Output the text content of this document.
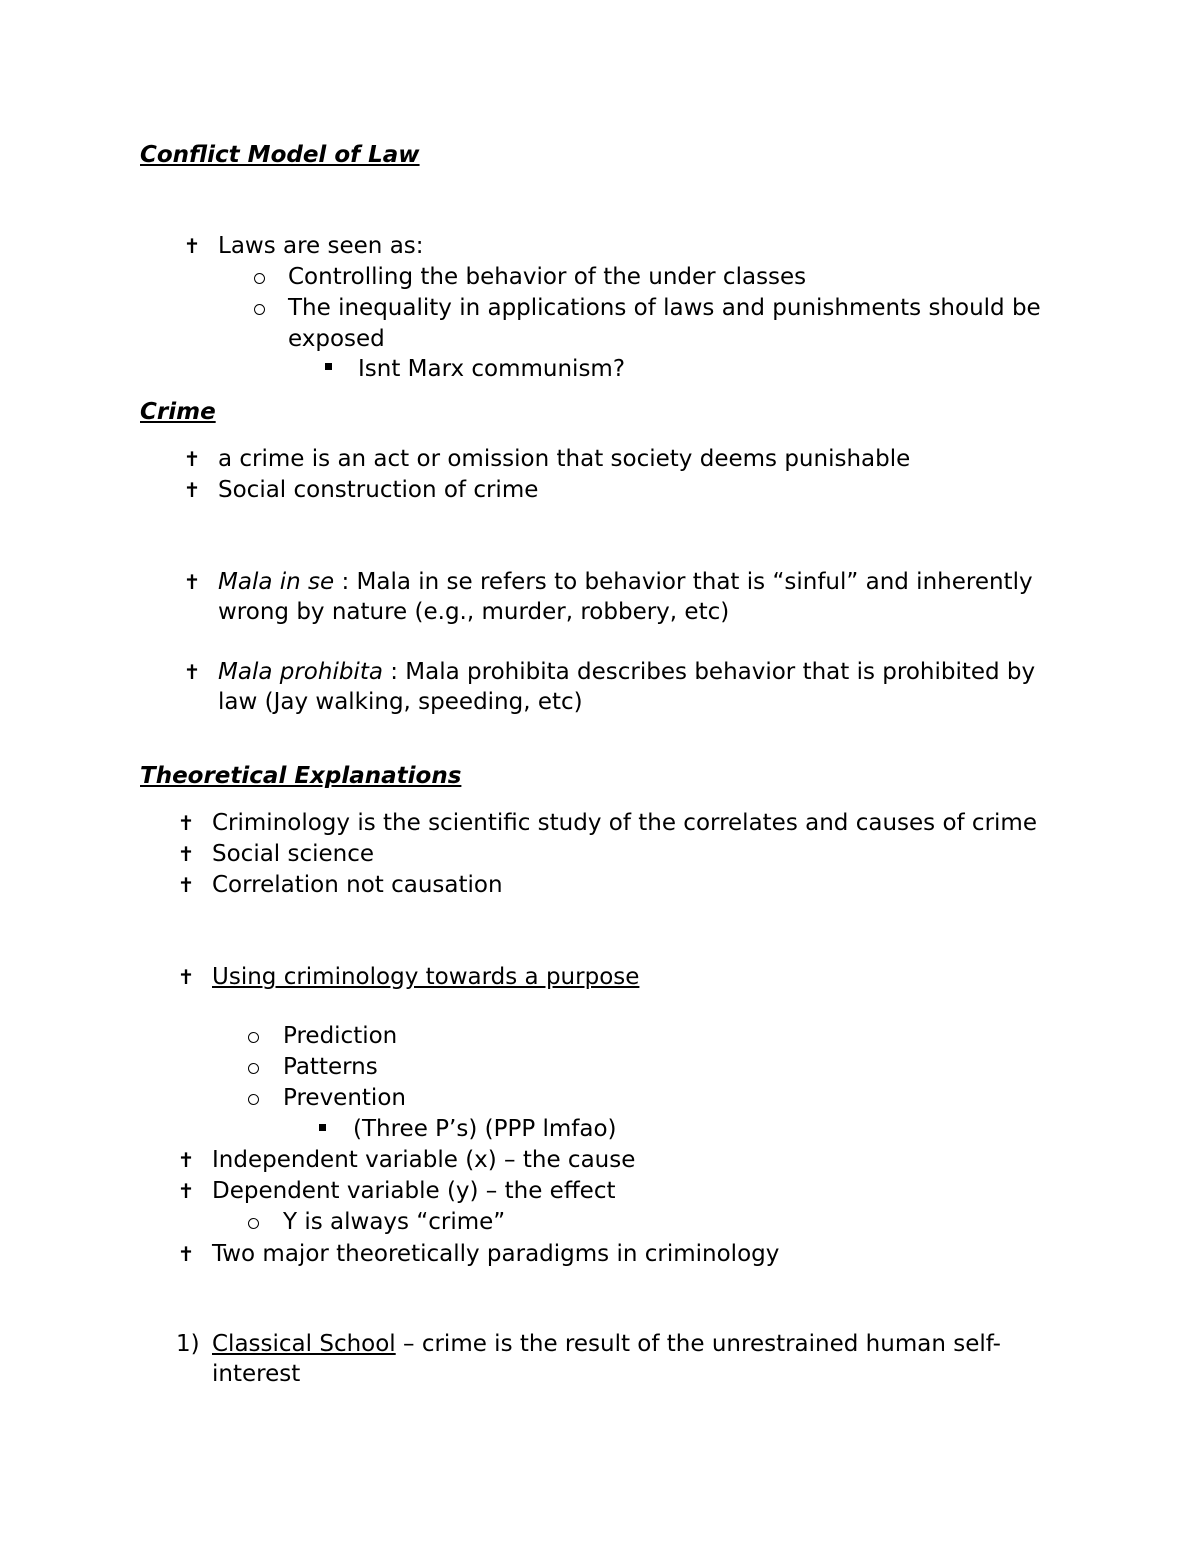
Conflict Model of Law
✝ Laws are seen as:
Controlling the behavior of the under classes
The inequality in applications of laws and punishments should be
exposed
Isnt Marx communism?
Crime
✝ a crime is an act or omission that society deems punishable
✝ Social construction of crime
✝ Mala in se : Mala in se refers to behavior that is “sinful” and inherently
wrong by nature (e.g., murder, robbery, etc)
✝ Mala prohibita : Mala prohibita describes behavior that is prohibited by
law (Jay walking, speeding, etc)
Theoretical Explanations
✝ Criminology is the scientific study of the correlates and causes of crime
✝ Social science
✝ Correlation not causation
✝ Using criminology towards a purpose
Prediction
Patterns
Prevention
(Three P’s) (PPP lmfao)
✝ Independent variable (x) – the cause
✝ Dependent variable (y) – the effect
Y is always “crime”
✝ Two major theoretically paradigms in criminology
1) Classical School – crime is the result of the unrestrained human self-
interest
